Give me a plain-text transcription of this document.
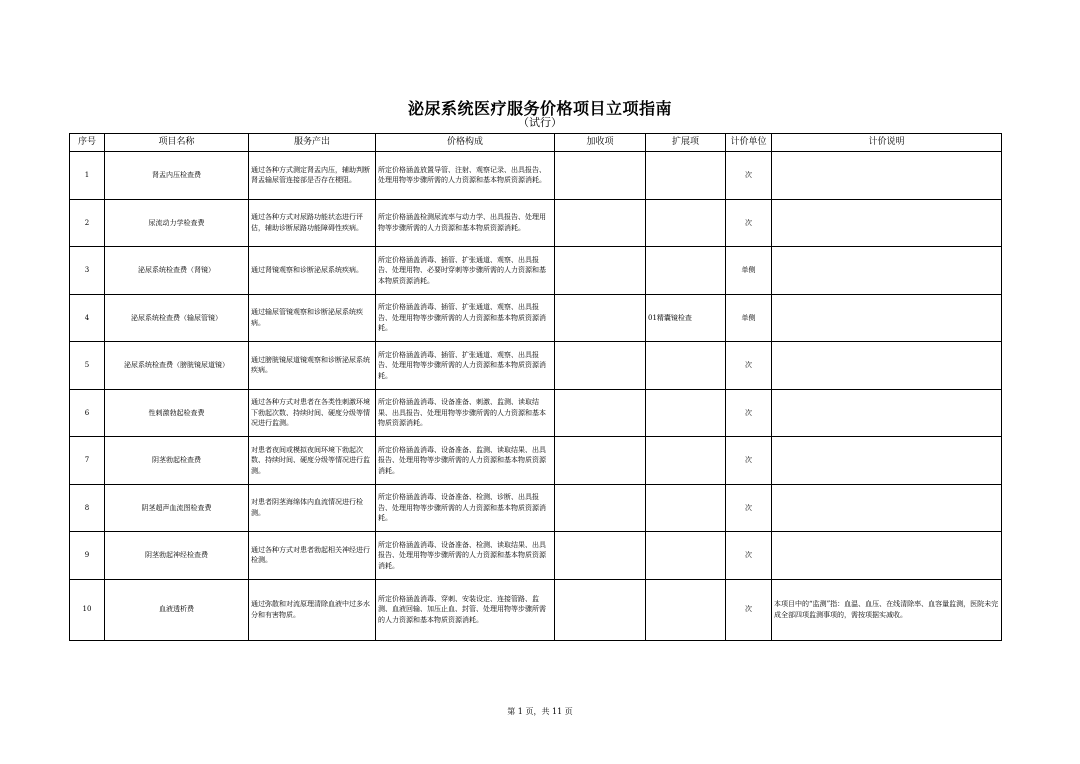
泌尿系统医疗服务价格项目立项指南
（试行）
序号	项目名称	服务产出	价格构成	加收项	扩展项	计价单位	计价说明
1	肾盂内压检查费	通过各种方式测定肾盂内压，辅助判断肾盂输尿管连接部是否存在梗阻。	所定价格涵盖放置导管、注射、观察记录、出具报告、处理用物等步骤所需的人力资源和基本物质资源消耗。			次	
2	尿流动力学检查费	通过各种方式对尿路功能状态进行评估，辅助诊断尿路功能障碍性疾病。	所定价格涵盖检测尿流率与动力学、出具报告、处理用物等步骤所需的人力资源和基本物质资源消耗。			次	
3	泌尿系统检查费（肾镜）	通过肾镜观察和诊断泌尿系统疾病。	所定价格涵盖消毒、插管、扩张通道、观察、出具报告、处理用物、必要时穿刺等步骤所需的人力资源和基本物质资源消耗。			单侧	
4	泌尿系统检查费（输尿管镜）	通过输尿管镜观察和诊断泌尿系统疾病。	所定价格涵盖消毒、插管、扩张通道、观察、出具报告、处理用物等步骤所需的人力资源和基本物质资源消耗。		01精囊镜检查	单侧	
5	泌尿系统检查费（膀胱镜尿道镜）	通过膀胱镜尿道镜观察和诊断泌尿系统疾病。	所定价格涵盖消毒、插管、扩张通道、观察、出具报告、处理用物等步骤所需的人力资源和基本物质资源消耗。			次	
6	性刺激勃起检查费	通过各种方式对患者在各类性刺激环境下勃起次数、持续时间、硬度分级等情况进行监测。	所定价格涵盖消毒、设备准备、刺激、监测、读取结果、出具报告、处理用物等步骤所需的人力资源和基本物质资源消耗。			次	
7	阴茎勃起检查费	对患者夜间或模拟夜间环境下勃起次数、持续时间、硬度分级等情况进行监测。	所定价格涵盖消毒、设备准备、监测、读取结果、出具报告、处理用物等步骤所需的人力资源和基本物质资源消耗。			次	
8	阴茎超声血流图检查费	对患者阴茎海绵体内血流情况进行检测。	所定价格涵盖消毒、设备准备、检测、诊断、出具报告、处理用物等步骤所需的人力资源和基本物质资源消耗。			次	
9	阴茎勃起神经检查费	通过各种方式对患者勃起相关神经进行检测。	所定价格涵盖消毒、设备准备、检测、读取结果、出具报告、处理用物等步骤所需的人力资源和基本物质资源消耗。			次	
10	血液透析费	通过弥散和对流原理清除血液中过多水分和有害物质。	所定价格涵盖消毒、穿刺、安装设定、连接管路、监测、血液回输、加压止血、封管、处理用物等步骤所需的人力资源和基本物质资源消耗。			次	本项目中的“监测”指：血温、血压、在线清除率、血容量监测，医院未完成全部四项监测事项的，需按项据实减收。
第 1 页，共 11 页
